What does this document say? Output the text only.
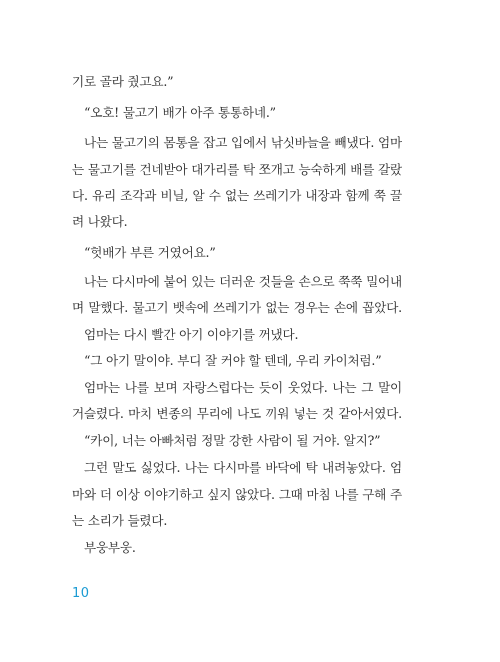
기로 골라 줬고요.”
“오호! 물고기 배가 아주 통통하네.”
나는 물고기의 몸통을 잡고 입에서 낚싯바늘을 빼냈다. 엄마
는 물고기를 건네받아 대가리를 탁 쪼개고 능숙하게 배를 갈랐
다. 유리 조각과 비닐, 알 수 없는 쓰레기가 내장과 함께 쭉 끌
려 나왔다.
“헛배가 부른 거였어요.”
나는 다시마에 붙어 있는 더러운 것들을 손으로 쭉쭉 밀어내
며 말했다. 물고기 뱃속에 쓰레기가 없는 경우는 손에 꼽았다.
엄마는 다시 빨간 아기 이야기를 꺼냈다.
“그 아기 말이야. 부디 잘 커야 할 텐데, 우리 카이처럼.”
엄마는 나를 보며 자랑스럽다는 듯이 웃었다. 나는 그 말이
거슬렸다. 마치 변종의 무리에 나도 끼워 넣는 것 같아서였다.
“카이, 너는 아빠처럼 정말 강한 사람이 될 거야. 알지?”
그런 말도 싫었다. 나는 다시마를 바닥에 탁 내려놓았다. 엄
마와 더 이상 이야기하고 싶지 않았다. 그때 마침 나를 구해 주
는 소리가 들렸다.
부웅부웅.
10
